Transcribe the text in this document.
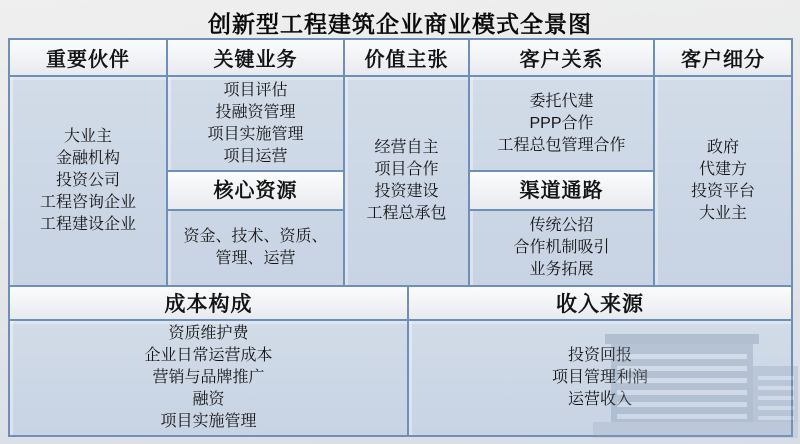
创新型工程建筑企业商业模式全景图
重要伙伴	关键业务	价值主张	客户关系	客户细分
大业主
金融机构
投资公司
工程咨询企业
工程建设企业
项目评估
投融资管理
项目实施管理
项目运营
核心资源
资金、技术、资质、管理、运营
经营自主
项目合作
投资建设
工程总承包
委托代建
PPP合作
工程总包管理合作
渠道通路
传统公招
合作机制吸引
业务拓展
政府
代建方
投资平台
大业主
成本构成	收入来源
资质维护费
企业日常运营成本
营销与品牌推广
融资
项目实施管理
投资回报
项目管理利润
运营收入
